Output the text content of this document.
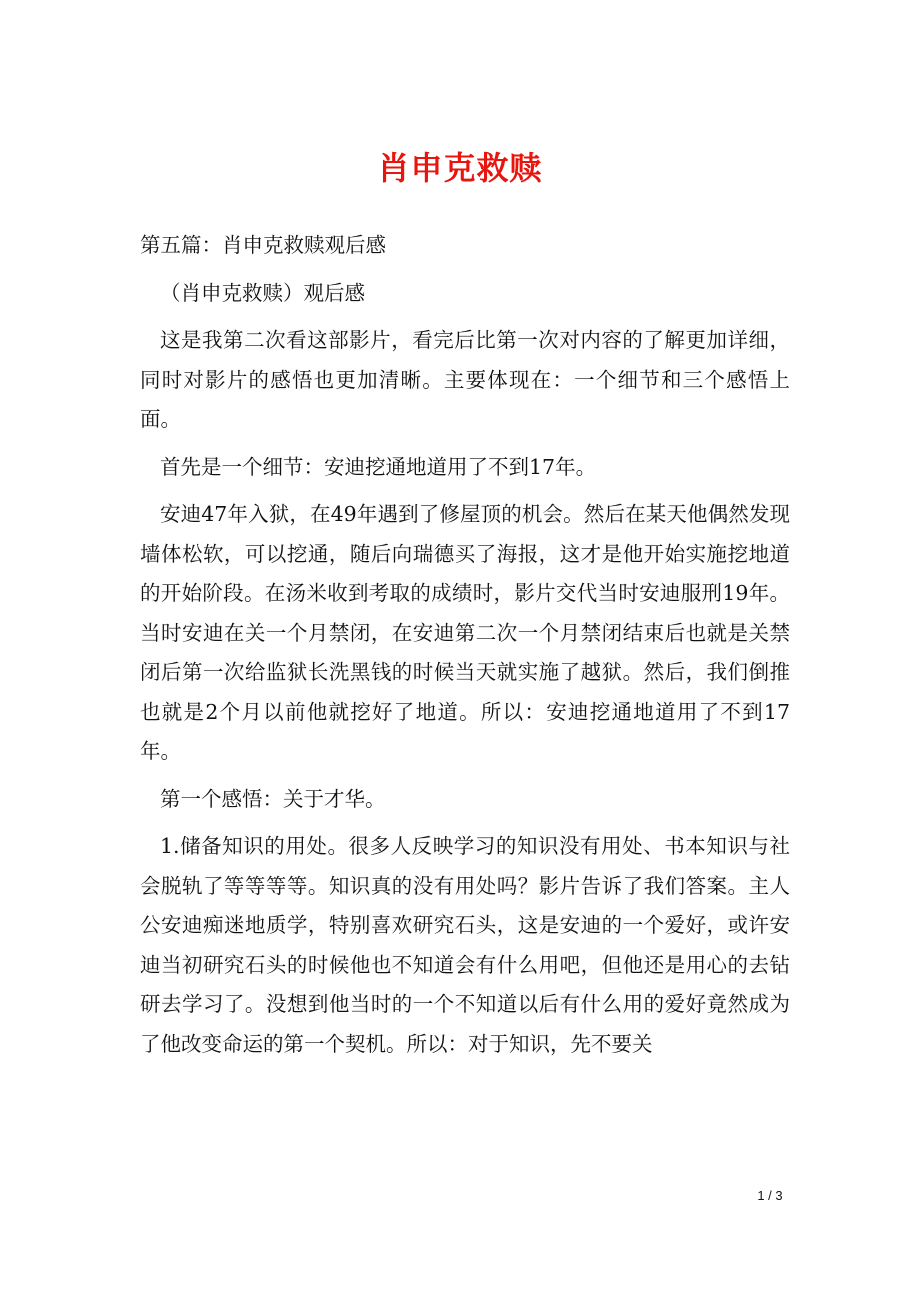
肖申克救赎

第五篇：肖申克救赎观后感

（肖申克救赎）观后感

这是我第二次看这部影片，看完后比第一次对内容的了解更加详细，同时对影片的感悟也更加清晰。主要体现在：一个细节和三个感悟上面。

首先是一个细节：安迪挖通地道用了不到17年。

安迪47年入狱，在49年遇到了修屋顶的机会。然后在某天他偶然发现墙体松软，可以挖通，随后向瑞德买了海报，这才是他开始实施挖地道的开始阶段。在汤米收到考取的成绩时，影片交代当时安迪服刑19年。当时安迪在关一个月禁闭，在安迪第二次一个月禁闭结束后也就是关禁闭后第一次给监狱长洗黑钱的时候当天就实施了越狱。然后，我们倒推也就是2个月以前他就挖好了地道。所以：安迪挖通地道用了不到17年。

第一个感悟：关于才华。

1.储备知识的用处。很多人反映学习的知识没有用处、书本知识与社会脱轨了等等等等。知识真的没有用处吗？影片告诉了我们答案。主人公安迪痴迷地质学，特别喜欢研究石头，这是安迪的一个爱好，或许安迪当初研究石头的时候他也不知道会有什么用吧，但他还是用心的去钻研去学习了。没想到他当时的一个不知道以后有什么用的爱好竟然成为了他改变命运的第一个契机。所以：对于知识，先不要关

1 / 3
